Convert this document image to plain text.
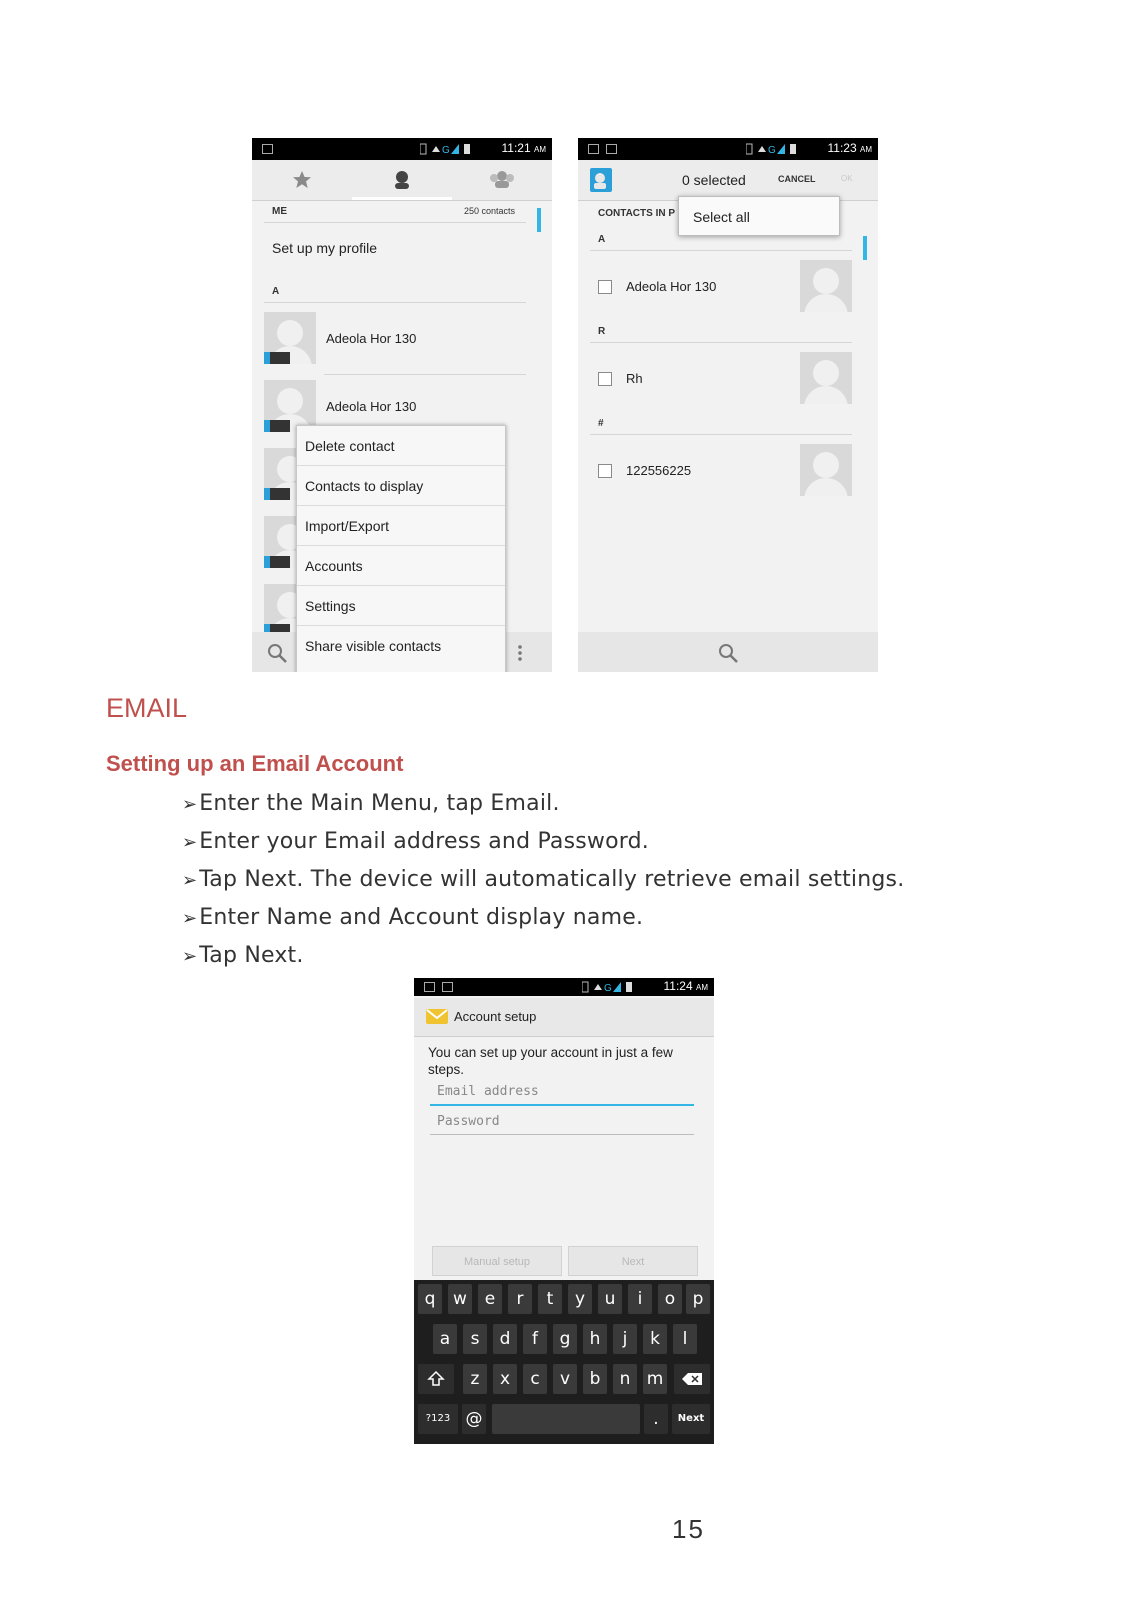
G	11:21 AM
ME	250 contacts
Set up my profile
A
Adeola Hor 130
Adeola Hor 130
Delete contact
Contacts to display
Import/Export
Accounts
Settings
Share visible contacts
G	11:23 AM
0 selected	CANCEL	OK
CONTACTS IN P
A
Adeola Hor 130
R
Rh
#
122556225
Select all
EMAIL
Setting up an Email Account
➢Enter the Main Menu, tap Email.
➢Enter your Email address and Password.
➢Tap Next. The device will automatically retrieve email settings.
➢Enter Name and Account display name.
➢Tap Next.
G	11:24 AM
Account setup
You can set up your account in just a few steps.
Email address
Password
Manual setup	Next
q	w	e	r	t	y	u	i	o	p
a	s	d	f	g	h	j	k	l
z	x	c	v	b	n m
?123 @	.	Next
15
